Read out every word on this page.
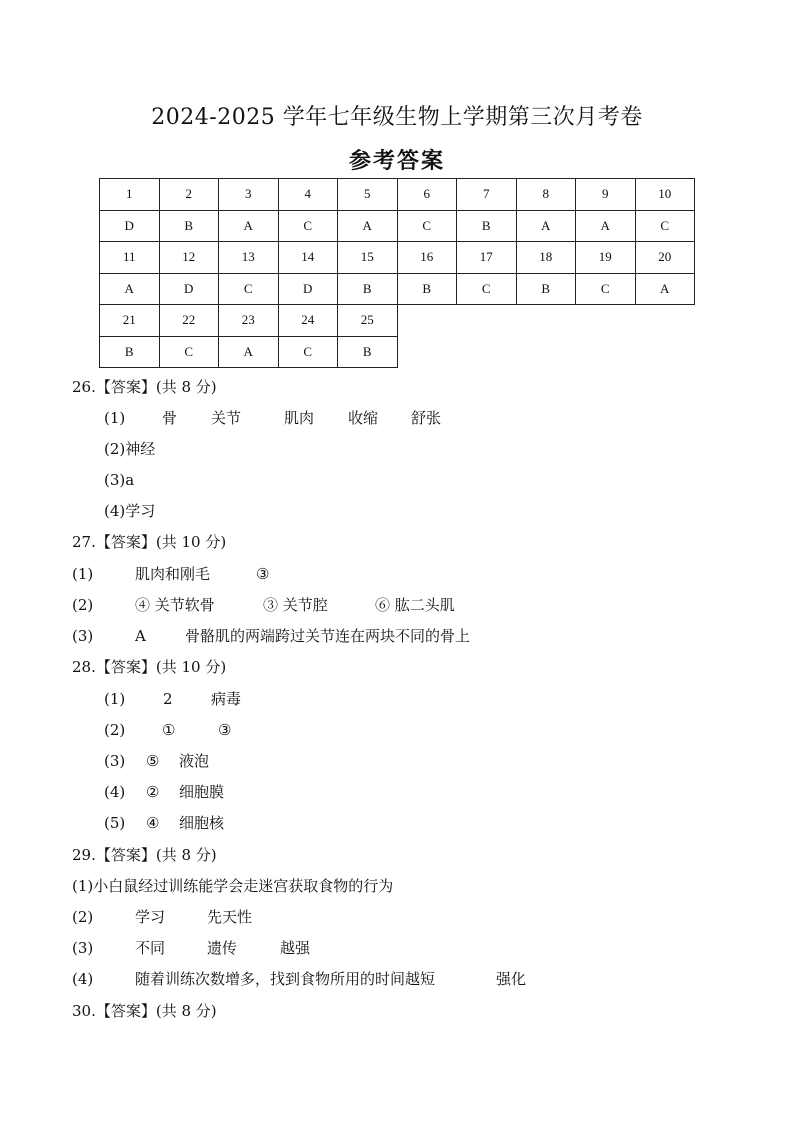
2024-2025 学年七年级生物上学期第三次月考卷
参考答案
1	2	3	4	5	6	7	8	9	10
D	B	A	C	A	C	B	A	A	C
11	12	13	14	15	16	17	18	19	20
A	D	C	D	B	B	C	B	C	A
21	22	23	24	25					
B	C	A	C	B					
26.【答案】(共 8 分)
(1) 骨 关节	肌肉 收缩 舒张
(2)神经
(3)a
(4)学习
27.【答案】(共 10 分)
(1)	肌肉和刚毛	③
(2)	④ 关节软骨	③ 关节腔	⑥ 肱二头肌
(3)	A	骨骼肌的两端跨过关节连在两块不同的骨上
28.【答案】(共 10 分)
(1)	2	病毒
(2) ①	③
(3) ⑤ 液泡
(4) ② 细胞膜
(5) ④ 细胞核
29.【答案】(共 8 分)
(1)小白鼠经过训练能学会走迷宫获取食物的行为
(2)	学习	先天性
(3)	不同	遗传	越强
(4)	随着训练次数增多，找到食物所用的时间越短	强化
30.【答案】(共 8 分)
